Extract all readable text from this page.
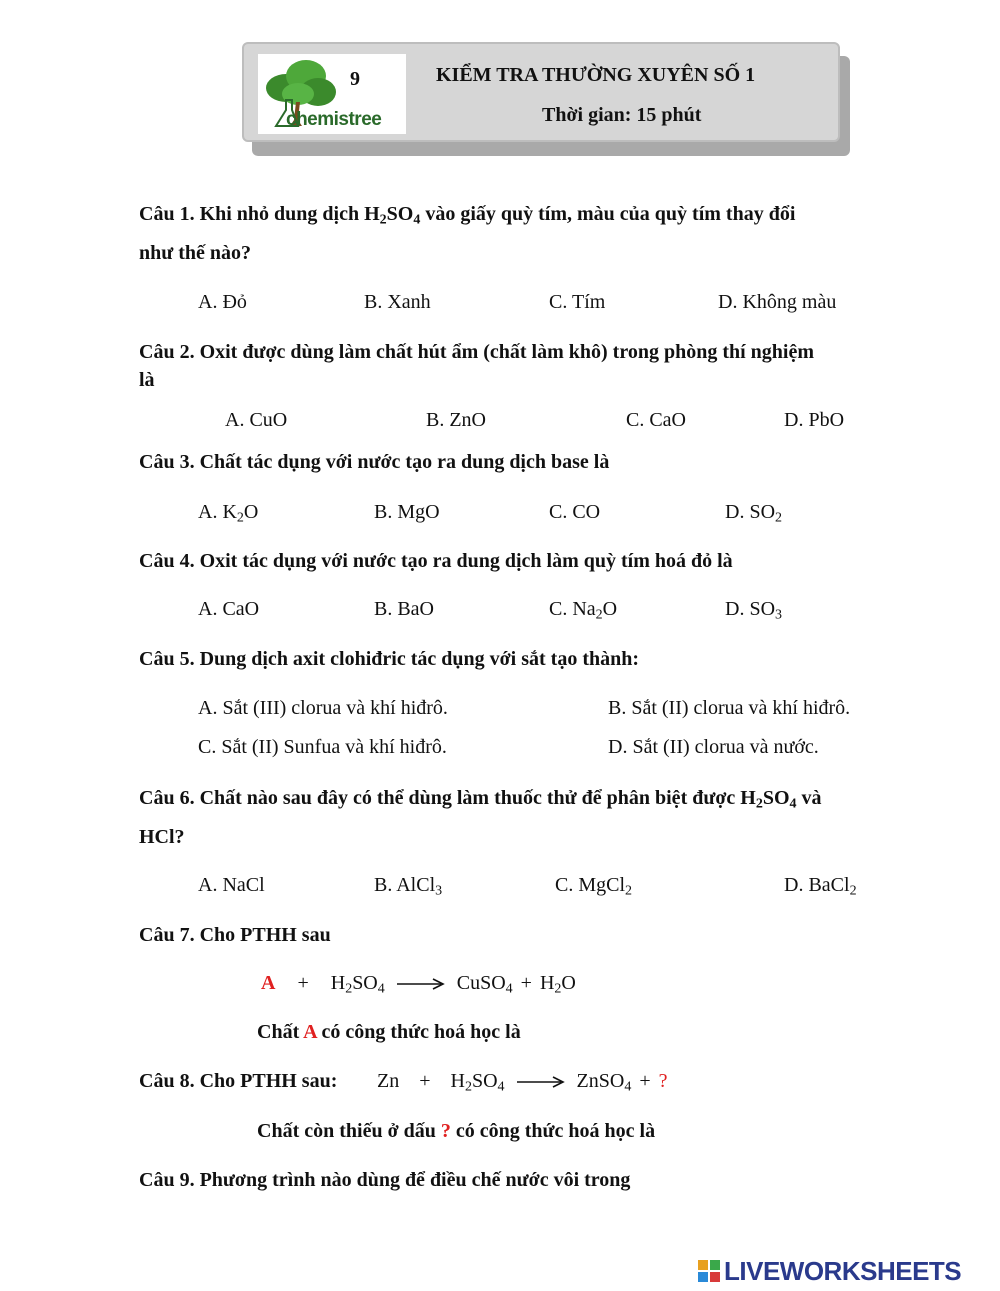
chemistree
9	KIỂM TRA THƯỜNG XUYÊN SỐ 1
Thời gian: 15 phút
Câu 1. Khi nhỏ dung dịch $H_2SO_4$ vào giấy quỳ tím, màu của quỳ tím thay đổi
như thế nào?
A. Đỏ	B. Xanh	C. Tím	D. Không màu
Câu 2. Oxit được dùng làm chất hút ẩm (chất làm khô) trong phòng thí nghiệm
là
A. CuO	B. ZnO	C. CaO	D. PbO
Câu 3. Chất tác dụng với nước tạo ra dung dịch base là
A. $K_2O$	B. MgO	C. CO	D. $SO_2$
Câu 4. Oxit tác dụng với nước tạo ra dung dịch làm quỳ tím hoá đỏ là
A. CaO	B. BaO	C. $Na_2O$	D. $SO_3$
Câu 5. Dung dịch axit clohiđric tác dụng với sắt tạo thành:
A. Sắt (III) clorua và khí hiđrô.	B. Sắt (II) clorua và khí hiđrô.
C. Sắt (II) Sunfua và khí hiđrô.	D. Sắt (II) clorua và nước.
Câu 6. Chất nào sau đây có thể dùng làm thuốc thử để phân biệt được $H_2SO_4$ và
HCl?
A. NaCl	B. AlCl$_3$	C. MgCl$_2$	D. BaCl$_2$
Câu 7. Cho PTHH sau
$A + H_2SO_4$ → CuSO$_4$ + $H_2O$
Chất A có công thức hoá học là
Câu 8. Cho PTHH sau: $Zn + H_2SO_4$ → ZnSO$_4$ + ?
Chất còn thiếu ở dấu ? có công thức hoá học là
Câu 9. Phương trình nào dùng để điều chế nước vôi trong
LIVEWORKSHEETS
